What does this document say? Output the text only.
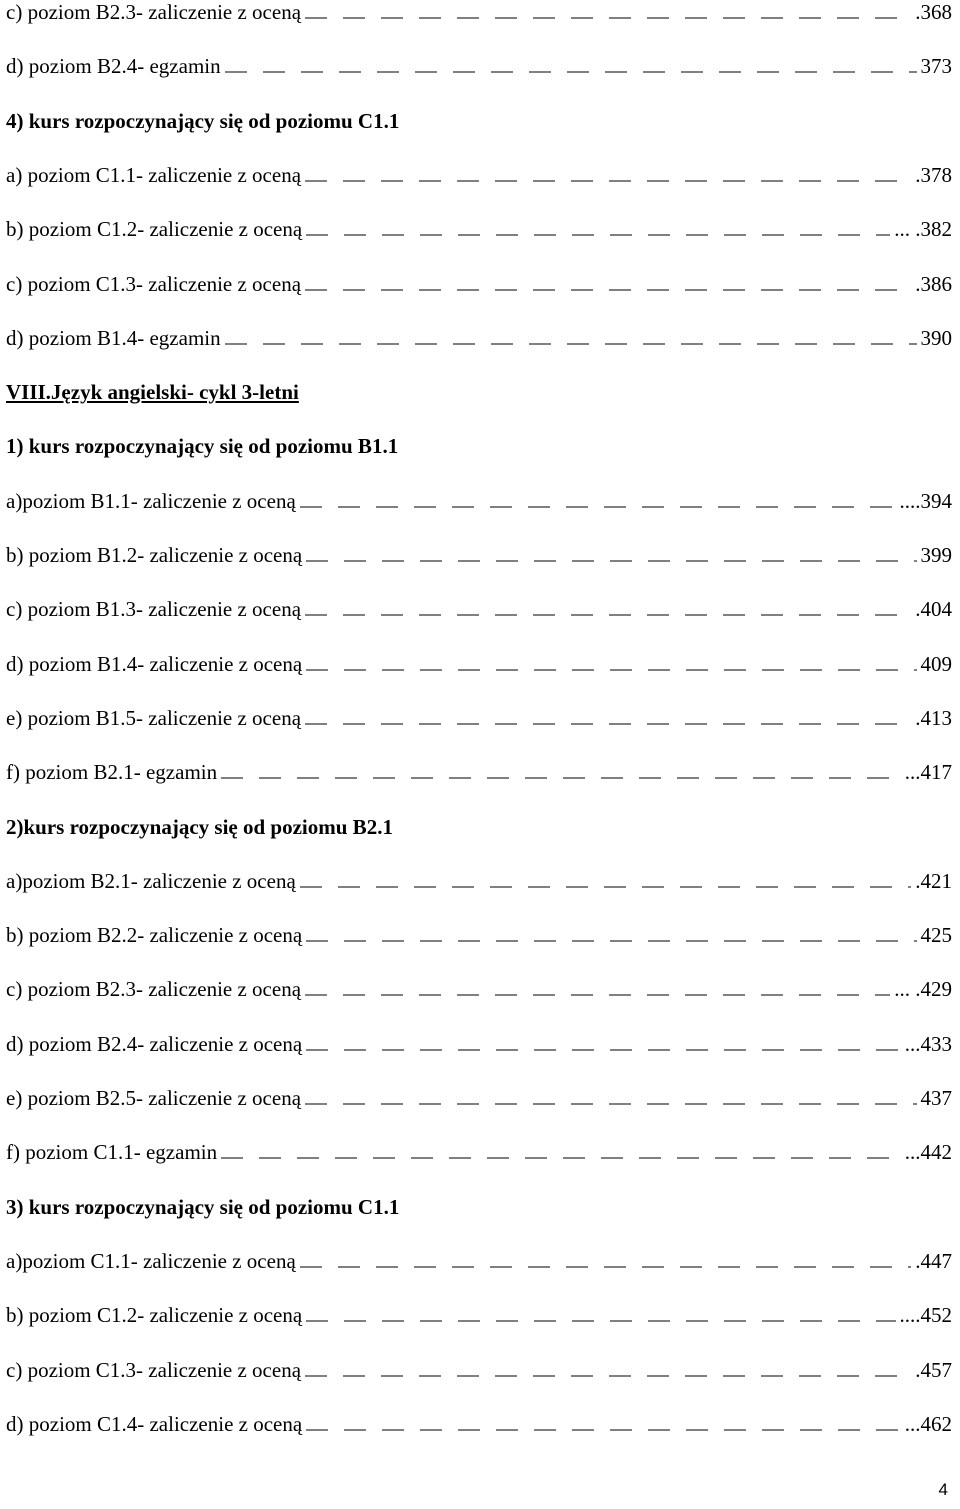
c) poziom B2.3- zaliczenie z oceną	.368
d) poziom B2.4- egzamin	373
4) kurs rozpoczynający się od poziomu C1.1
a) poziom C1.1- zaliczenie z oceną	.378
b) poziom C1.2- zaliczenie z oceną	... .382
c) poziom C1.3- zaliczenie z oceną	.386
d) poziom B1.4- egzamin	390
VIII.Język angielski- cykl 3-letni
1) kurs rozpoczynający się od poziomu B1.1
a)poziom B1.1- zaliczenie z oceną	....394
b) poziom B1.2- zaliczenie z oceną	399
c) poziom B1.3- zaliczenie z oceną	.404
d) poziom B1.4- zaliczenie z oceną	409
e) poziom B1.5- zaliczenie z oceną	.413
f) poziom B2.1- egzamin	...417
2)kurs rozpoczynający się od poziomu B2.1
a)poziom B2.1- zaliczenie z oceną	.421
b) poziom B2.2- zaliczenie z oceną	425
c) poziom B2.3- zaliczenie z oceną	... .429
d) poziom B2.4- zaliczenie z oceną	...433
e) poziom B2.5- zaliczenie z oceną	437
f) poziom C1.1- egzamin	...442
3) kurs rozpoczynający się od poziomu C1.1
a)poziom C1.1- zaliczenie z oceną	.447
b) poziom C1.2- zaliczenie z oceną	....452
c) poziom C1.3- zaliczenie z oceną	.457
d) poziom C1.4- zaliczenie z oceną	...462
4
